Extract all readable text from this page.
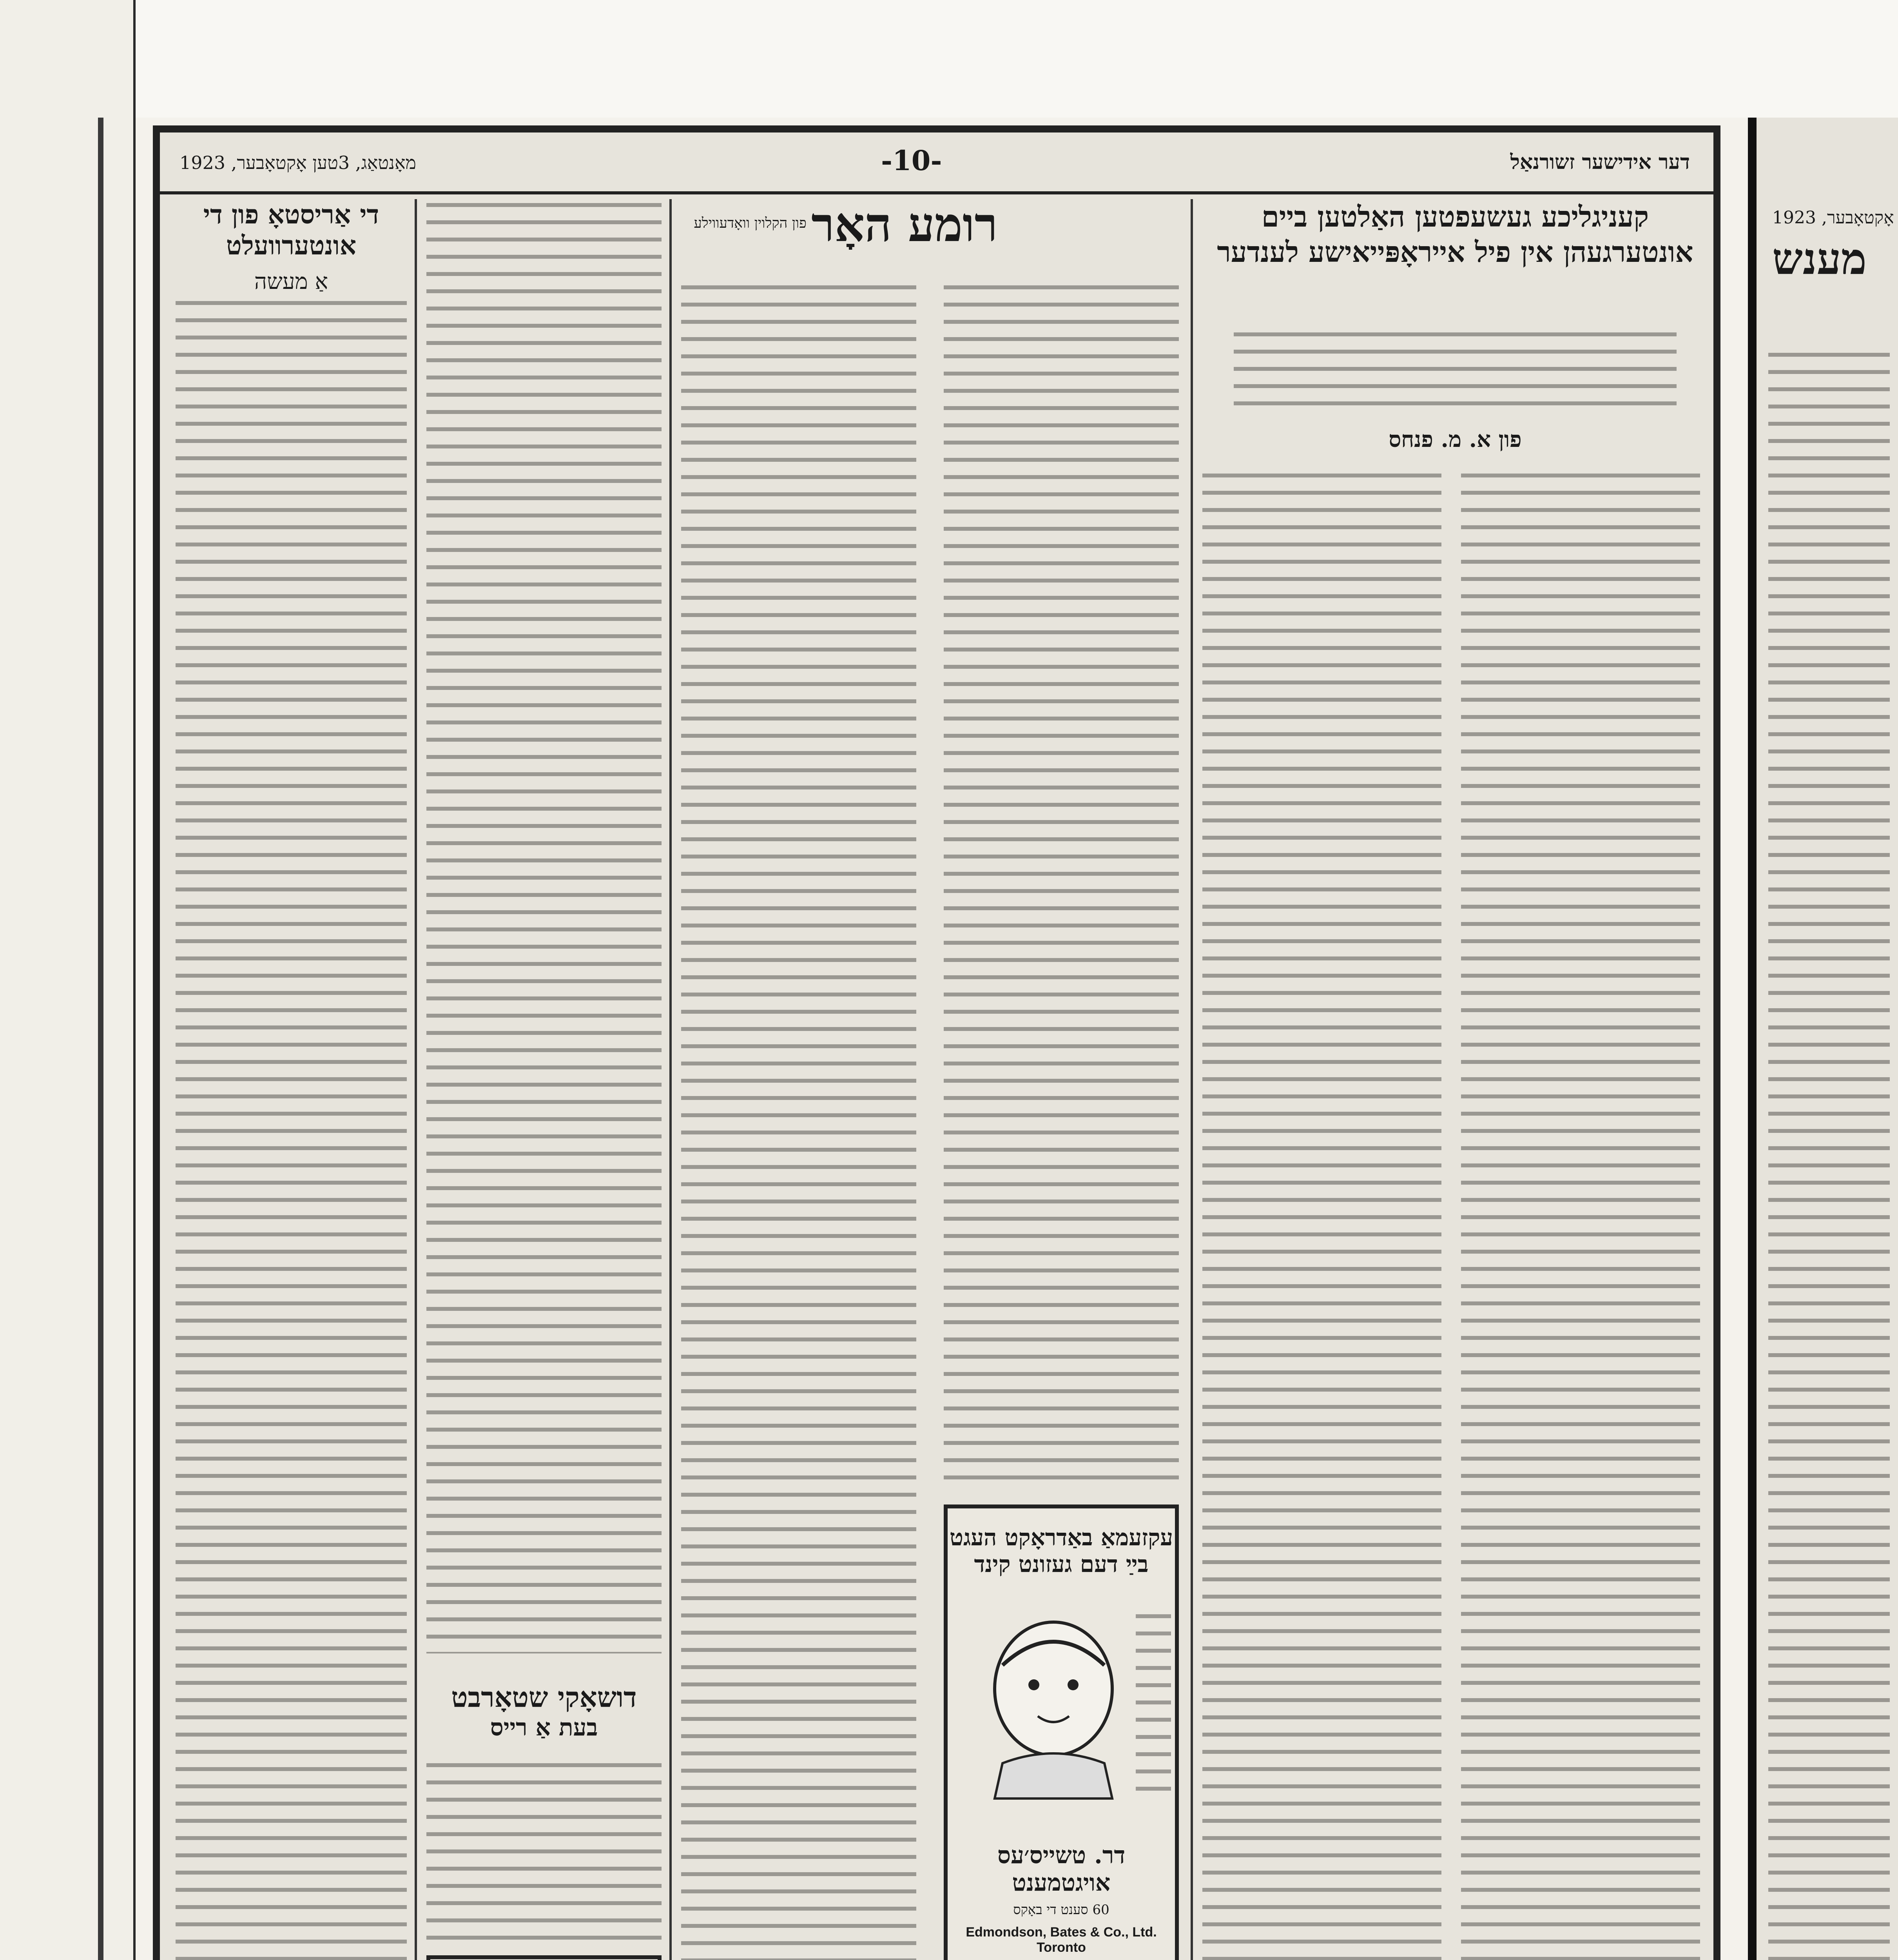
מאָנטאַג, 3טען אָקטאָבער, 1923	-10-	דער אידישער זשורנאַל
די אַריסטאָ פון די אונטערוועלט
אַ מעשה
דושאָקי שטאָרבט
בעת אַ רייס
רומע האָר
פון הקלוין וואָדעווילע
עקזעמאַ באַדראָקט העגט
בײַ דעם געזונט קינד
דר. טשייס׳עס אויגטמענט
60 סענט די באָקס
Edmondson, Bates & Co., Ltd. Toronto
קעניגליכע געשעפטען האַלטען ביים אונטערגעהן אין פיל אייראָפּייאישע לענדער
פון א. מ. פנחס
1923 ,אָקטאָבער
מענש
